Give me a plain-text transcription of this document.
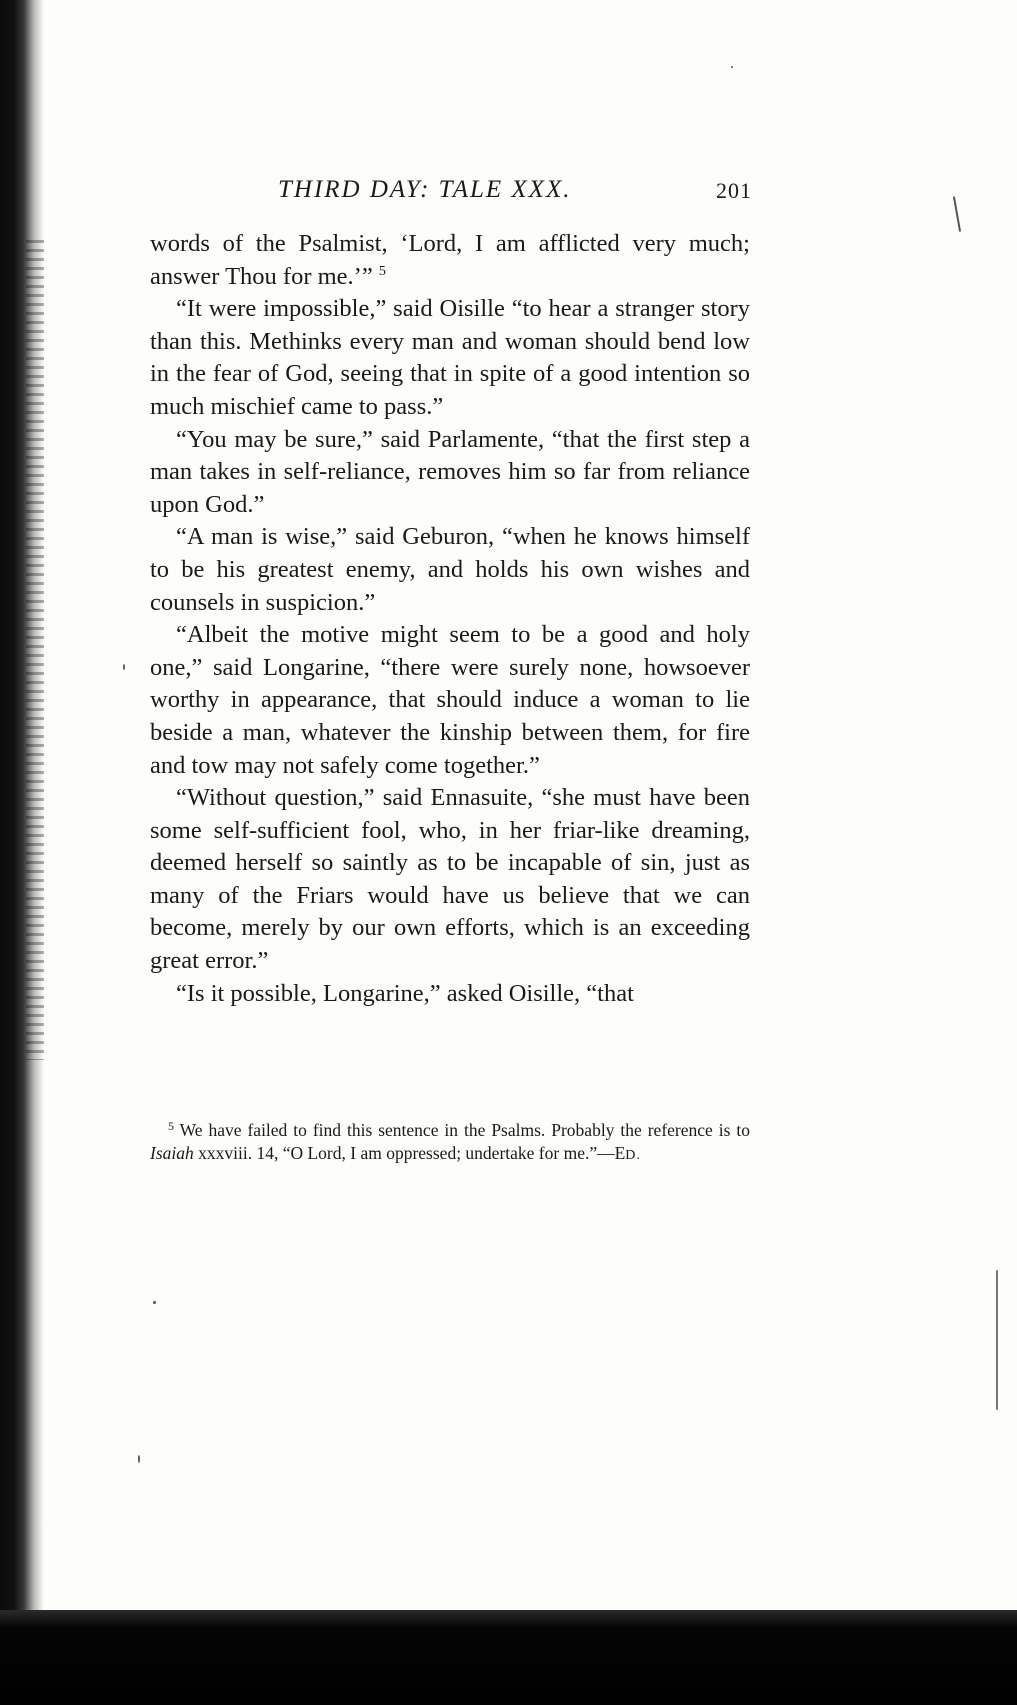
THIRD DAY: TALE XXX.	201

words of the Psalmist, ‘Lord, I am afflicted very much; answer Thou for me.’” $^5$

“It were impossible,” said Oisille “to hear a stranger story than this. Methinks every man and woman should bend low in the fear of God, seeing that in spite of a good intention so much mischief came to pass.”

“You may be sure,” said Parlamente, “that the first step a man takes in self-reliance, removes him so far from reliance upon God.”

“A man is wise,” said Geburon, “when he knows himself to be his greatest enemy, and holds his own wishes and counsels in suspicion.”

“Albeit the motive might seem to be a good and holy one,” said Longarine, “there were surely none, howsoever worthy in appearance, that should induce a woman to lie beside a man, whatever the kinship between them, for fire and tow may not safely come together.”

“Without question,” said Ennasuite, “she must have been some self-sufficient fool, who, in her friar-like dreaming, deemed herself so saintly as to be incapable of sin, just as many of the Friars would have us believe that we can become, merely by our own efforts, which is an exceeding great error.”

“Is it possible, Longarine,” asked Oisille, “that

$^5$ We have failed to find this sentence in the Psalms. Probably the reference is to Isaiah xxxviii. 14, “O Lord, I am oppressed; undertake for me.”—ED.
